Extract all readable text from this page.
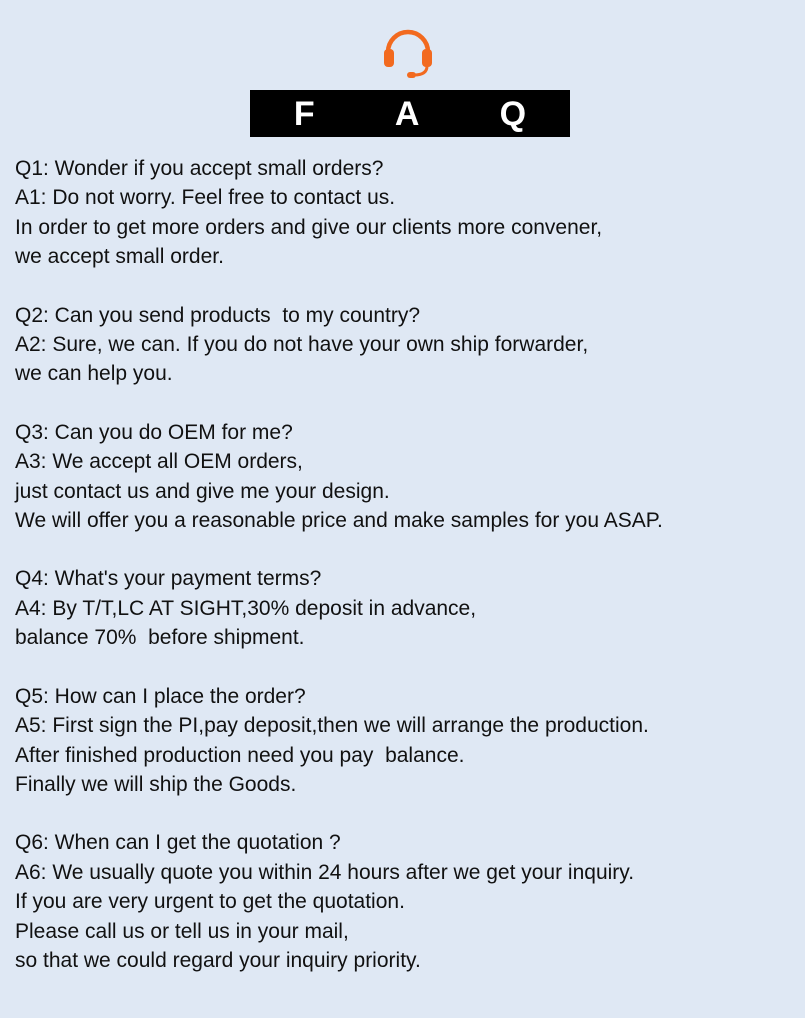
F A Q
Q1: Wonder if you accept small orders?
A1: Do not worry. Feel free to contact us.
In order to get more orders and give our clients more convener,
we accept small order.
Q2: Can you send products  to my country?
A2: Sure, we can. If you do not have your own ship forwarder,
we can help you.
Q3: Can you do OEM for me?
A3: We accept all OEM orders,
just contact us and give me your design.
We will offer you a reasonable price and make samples for you ASAP.
Q4: What's your payment terms?
A4: By T/T,LC AT SIGHT,30% deposit in advance,
balance 70%  before shipment.
Q5: How can I place the order?
A5: First sign the PI,pay deposit,then we will arrange the production.
After finished production need you pay  balance.
Finally we will ship the Goods.
Q6: When can I get the quotation ?
A6: We usually quote you within 24 hours after we get your inquiry.
If you are very urgent to get the quotation.
Please call us or tell us in your mail,
so that we could regard your inquiry priority.
